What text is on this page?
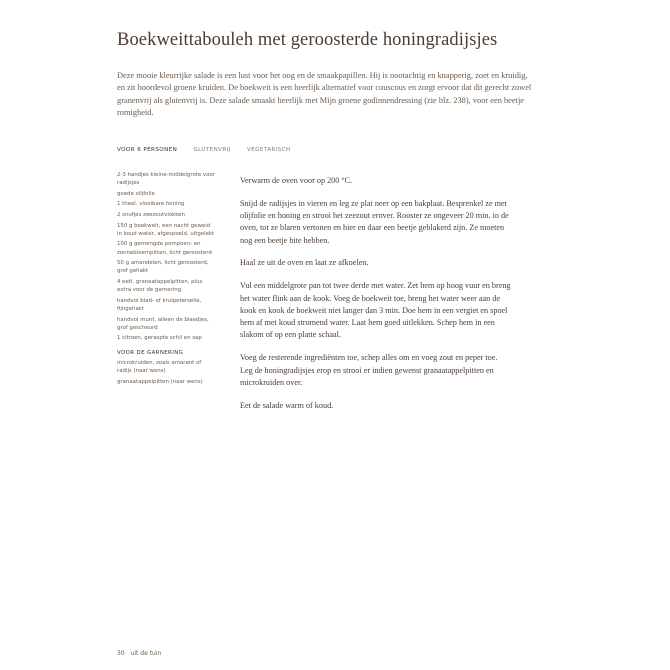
Boekweittabouleh met geroosterde honingradijsjes
Deze mooie kleurrijke salade is een lust voor het oog en de smaakpapillen. Hij is nootachtig en knapperig, zoet en kruidig, en zit boordevol groene kruiden. De boekweit is een heerlijk alternatief voor couscous en zorgt ervoor dat dit gerecht zowel granenvrij als glutenvrij is. Deze salade smaakt heerlijk met Mijn groene godinnendressing (zie blz. 238), voor een beetje romigheid.
VOOR 6 PERSONEN	GLUTENVRIJ	VEGETARISCH
2-3 handjes kleine-middelgrote voor radijsjes
goede olijfolie
1 theel. vloeibare honing
2 snufjes zeezoutvlokken
150 g boekweit, een nacht geweid in koud water, afgespoeld, uitgelekt
100 g gemengde pompoen- en zonnebloempitten, licht geroosterd
50 g amandelen, licht geroosterd, grof gehakt
4 eetl. granaatappelpitten, plus extra voor de garnering
handvol blad- of krulpeterselie, fijngehakt
handvol munt, alleen de blaadjes, grof gescheurd
1 citroen, geraspte schil en sap
VOOR DE GARNERING
microkruiden, zoals amarant of radijs (naar wens)
granaatappelpitten (naar wens)

Verwarm de oven voor op 200 °C.

Snijd de radijsjes in vieren en leg ze plat neer op een bakplaat. Besprenkel ze met olijfolie en honing en strooi het zeezout erover. Rooster ze ongeveer 20 min. in de oven, tot ze blaren vertonen en hier en daar een beetje geblakerd zijn. Ze moeten nog een beetje bite hebben.

Haal ze uit de oven en laat ze afkoelen.

Vul een middelgrote pan tot twee derde met water. Zet hem op hoog vuur en breng het water flink aan de kook. Voeg de boekweit toe, breng het water weer aan de kook en kook de boekweit niet langer dan 3 min. Doe hem in een vergiet en spoel hem af met koud stromend water. Laat hem goed uitlekken. Schep hem in een slakom of op een platte schaal.

Voeg de resterende ingrediënten toe, schep alles om en voeg zout en peper toe. Leg de honingradijsjes erop en strooi er indien gewenst granaatappelpitten en microkruiden over.

Eet de salade warm of koud.

30 uit de tuin
